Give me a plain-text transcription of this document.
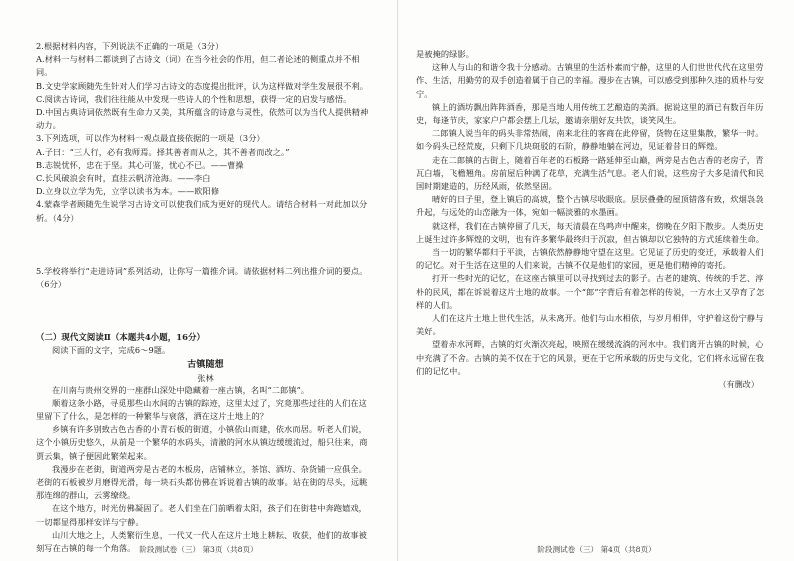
2.根据材料内容，下列说法不正确的一项是（3分）

A.材料一与材料二都谈到了古诗文（词）在当今社会的作用，但二者论述的侧重点并不相同。

B.文史学家顾随先生针对人们学习古诗文的态度提出批评，认为这样做对学生发展很不利。

C.阅读古诗词，我们往往能从中发现一些诗人的个性和思想，获得一定的启发与感悟。

D.中国古典诗词依然既有生命力又美，其所蕴含的诗意与灵性，依然可以为当代人提供精神动力。

3.下列选项，可以作为材料一观点最直接依据的一项是（3分）

A.子曰：“三人行，必有我师焉。择其善者而从之，其不善者而改之。”

B.志锐忧怀，忠在于坚。其心可鉴，忧心不已。——曹操

C.长风破浪会有时，直挂云帆济沧海。——李白

D.立身以立学为先，立学以读书为本。——欧阳修

4.蒙森学者顾随先生说学习古诗文可以使我们成为更好的现代人。请结合材料一对此加以分析。（4分）

5.学校将举行“走进诗词”系列活动，让你写一篇推介词。请依据材料二列出推介词的要点。（6分）

（二）现代文阅读Ⅱ（本题共4小题，16分）

阅读下面的文字，完成6～9题。

古镇随想

张林

在川南与贵州交界的一座群山深处中隐藏着一座古镇，名叫“二郎镇”。

顺着这条小路，寻觅那些山水间的古镇的踪迹，这里太过了，究竟那些过往的人们在这里留下了什么，是怎样的一种繁华与衰落，洒在这片土地上的？

乡镇有许多别致古色古香的小青石板的街道，小镇依山而建，依水而居。听老人们说，这个小镇历史悠久，从前是一个繁华的水码头，清澈的河水从镇边缓缓流过，船只往来，商贾云集，镇子便因此繁荣起来。

我漫步在老街，街道两旁是古老的木板房，店铺林立，茶馆、酒坊、杂货铺一应俱全。老街的石板被岁月磨得光滑，每一块石头都仿佛在诉说着古镇的故事。站在街的尽头，远眺那连绵的群山，云雾缭绕。

在这个地方，时光仿佛凝固了。老人们坐在门前晒着太阳，孩子们在街巷中奔跑嬉戏，一切都显得那样安详与宁静。

山川大地之上，人类繁衍生息，一代又一代人在这片土地上耕耘、收获，他们的故事被刻写在古镇的每一个角落。 阶段测试卷（三） 第3页（共8页）

是被掩的绿影。

这种人与山的和谐令我十分感动。古镇里的生活朴素而宁静，这里的人们世世代代在这里劳作、生活，用勤劳的双手创造着属于自己的幸福。漫步在古镇，可以感受到那种久违的质朴与安宁。

镇上的酒坊飘出阵阵酒香，那是当地人用传统工艺酿造的美酒。据说这里的酒已有数百年历史，每逢节庆，家家户户都会摆上几坛，邀请亲朋好友共饮，谈笑风生。

二郎镇人说当年的码头非常热闹，南来北往的客商在此停留，货物在这里集散，繁华一时。如今码头已经荒废，只剩下几块斑驳的石阶，静静地躺在河边，见证着昔日的辉煌。

走在二郎镇的古街上，随着百年老的石板路一路延伸至山巅，两旁是古色古香的老房子，青瓦白墙，飞檐翘角。房前屋后种满了花草，充满生活气息。老人们说，这些房子大多是清代和民国时期建造的，历经风雨，依然坚固。

晴好的日子里，登上镇后的高坡，整个古镇尽收眼底。层层叠叠的屋顶错落有致，炊烟袅袅升起，与远处的山峦融为一体，宛如一幅淡雅的水墨画。

就这样，我们在古镇停留了几天，每天清晨在鸟鸣声中醒来，傍晚在夕阳下散步。人类历史上诞生过许多辉煌的文明，也有许多繁华最终归于沉寂，但古镇却以它独特的方式延续着生命。

当一切的繁华都归于平淡，古镇依然静静地守望在这里。它见证了历史的变迁，承载着人们的记忆。对于生活在这里的人们来说，古镇不仅是他们的家园，更是他们精神的寄托。

打开一些时光的记忆，在这座古镇里可以寻找到过去的影子。古老的建筑、传统的手艺、淳朴的民风，都在诉说着这片土地的故事。一个“郎”字背后有着怎样的传说，一方水土又孕育了怎样的人们。

人们在这片土地上世代生活，从未离开。他们与山水相依，与岁月相伴，守护着这份宁静与美好。

望着赤水河畔，古镇的灯火渐次亮起，映照在缓缓流淌的河水中。我们离开古镇的时候，心中充满了不舍。古镇的美不仅在于它的风景，更在于它所承载的历史与文化，它们将永远留在我们的记忆中。

（有删改）

阶段测试卷（三） 第4页（共8页）
